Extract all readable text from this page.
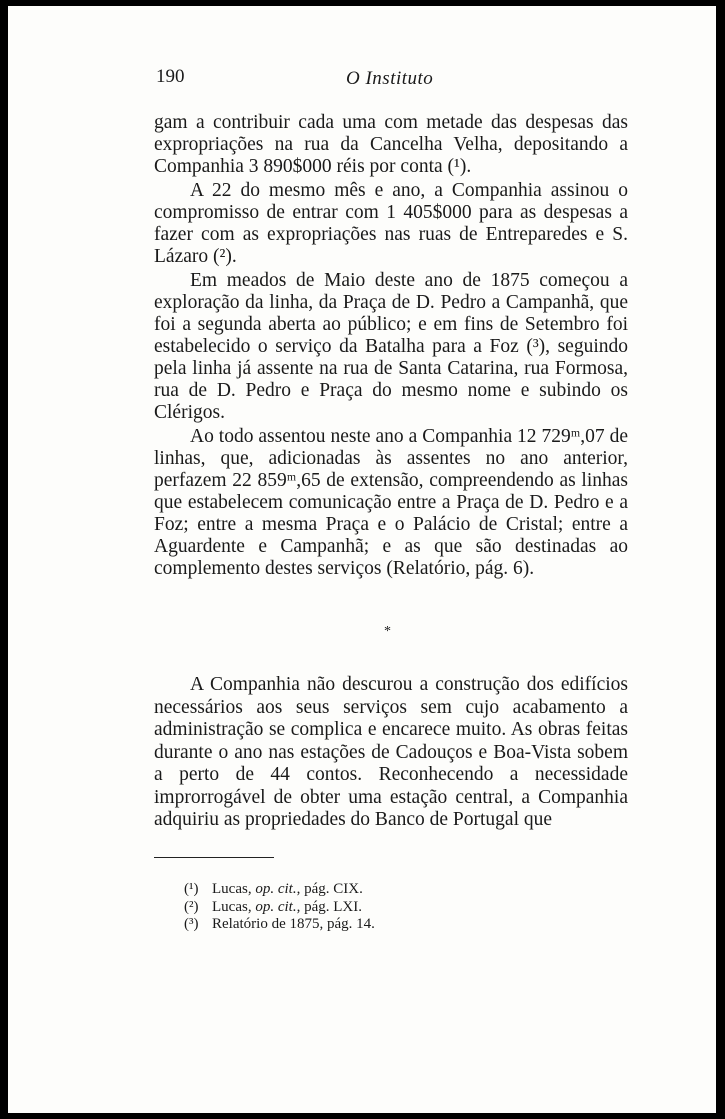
190	O Instituto

gam a contribuir cada uma com metade das despesas das expropriações na rua da Cancelha Velha, depositando a Companhia 3 890$000 réis por conta (¹).

A 22 do mesmo mês e ano, a Companhia assinou o compromisso de entrar com 1 405$000 para as despesas a fazer com as expropriações nas ruas de Entreparedes e S. Lázaro (²).

Em meados de Maio deste ano de 1875 começou a exploração da linha, da Praça de D. Pedro a Campanhã, que foi a segunda aberta ao público; e em fins de Setembro foi estabelecido o serviço da Batalha para a Foz (³), seguindo pela linha já assente na rua de Santa Catarina, rua Formosa, rua de D. Pedro e Praça do mesmo nome e subindo os Clérigos.

Ao todo assentou neste ano a Companhia 12 729ᵐ,07 de linhas, que, adicionadas às assentes no ano anterior, perfazem 22 859ᵐ,65 de extensão, compreendendo as linhas que estabelecem comunicação entre a Praça de D. Pedro e a Foz; entre a mesma Praça e o Palácio de Cristal; entre a Aguardente e Campanhã; e as que são destinadas ao complemento destes serviços (Relatório, pág. 6).

*

A Companhia não descurou a construção dos edifícios necessários aos seus serviços sem cujo acabamento a administração se complica e encarece muito. As obras feitas durante o ano nas estações de Cadouços e Boa-Vista sobem a perto de 44 contos. Reconhecendo a necessidade improrrogável de obter uma estação central, a Companhia adquiriu as propriedades do Banco de Portugal que

(¹) Lucas, op. cit., pág. CIX.
(²) Lucas, op. cit., pág. LXI.
(³) Relatório de 1875, pág. 14.
